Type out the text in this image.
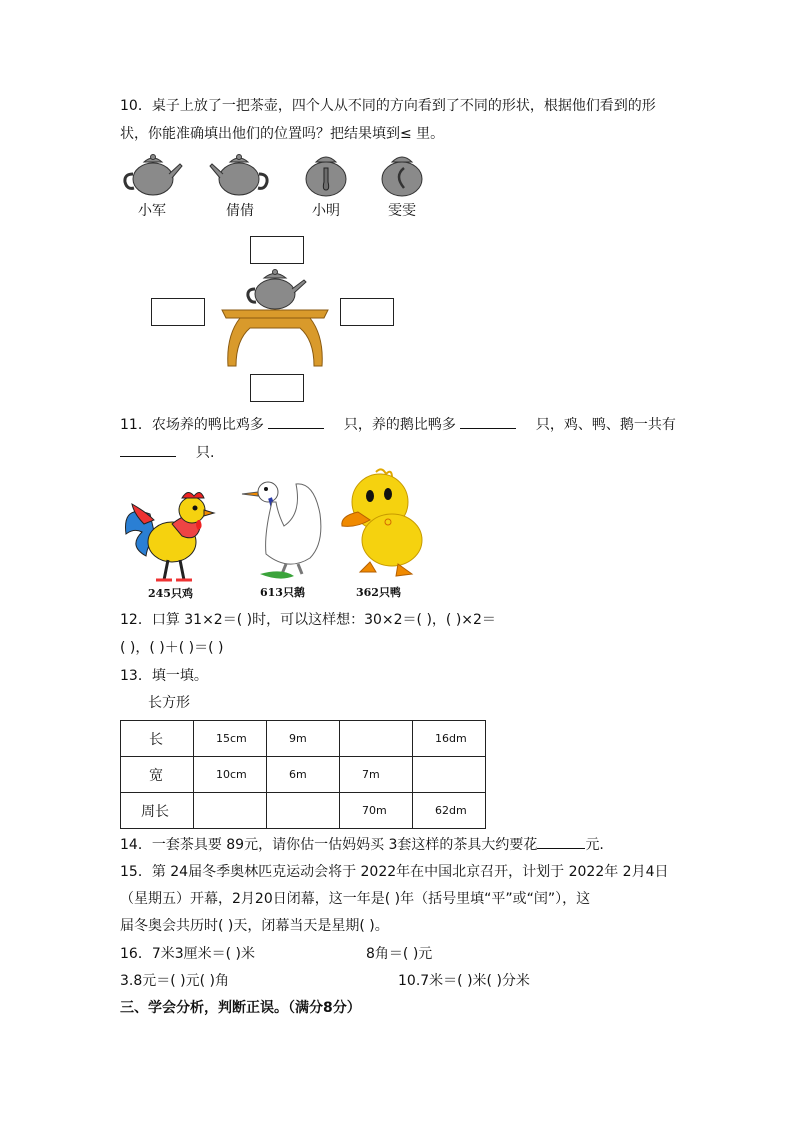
10．桌子上放了一把茶壶，四个人从不同的方向看到了不同的形状，根据他们看到的形
状，你能准确填出他们的位置吗？把结果填到≤ 里。
小军	倩倩	小明	雯雯
11．农场养的鸭比鸡多	只，养的鹅比鸭多	只，鸡、鸭、鹅一共有
只.
245只鸡	613只鹅	362只鸭
12．口算 31×2＝( )时，可以这样想：30×2＝( )，( )×2＝
( )，( )＋( )＝( )
13．填一填。
长方形
长	15cm	9m		16dm
宽	10cm	6m	7m	
周长			70m	62dm
14．一套茶具要 89元，请你估一估妈妈买 3套这样的茶具大约要花	元.
15．第 24届冬季奥林匹克运动会将于 2022年在中国北京召开，计划于 2022年 2月4日
（星期五）开幕，2月20日闭幕，这一年是( )年（括号里填“平”或“闰”），这
届冬奥会共历时( )天，闭幕当天是星期( )。
16．7米3厘米＝( )米	8角＝( )元
3.8元＝( )元( )角	10.7米＝( )米( )分米
三、学会分析，判断正误。（满分8分）
